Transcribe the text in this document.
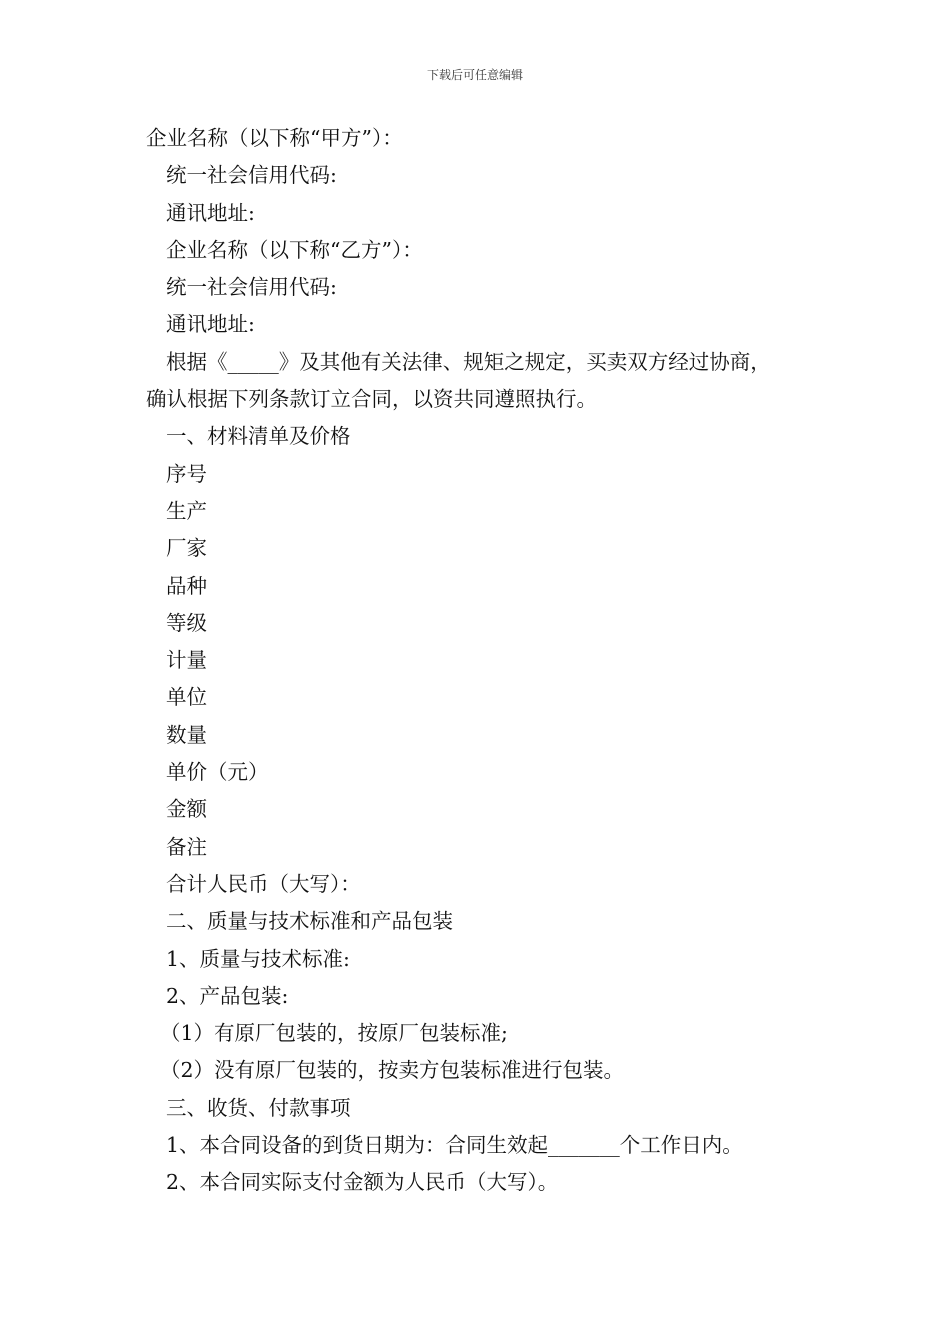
下载后可任意编辑
企业名称（以下称“甲方”）：
统一社会信用代码:
通讯地址:
企业名称（以下称“乙方”）：
统一社会信用代码:
通讯地址:
根据《_____》及其他有关法律、规矩之规定，买卖双方经过协商，
确认根据下列条款订立合同，以资共同遵照执行。
一、材料清单及价格
序号
生产
厂家
品种
等级
计量
单位
数量
单价（元）
金额
备注
合计人民币（大写）：
二、质量与技术标准和产品包装
1、质量与技术标准:
2、产品包装:
（1）有原厂包装的，按原厂包装标准;
（2）没有原厂包装的，按卖方包装标准进行包装。
三、收货、付款事项
1、本合同设备的到货日期为：合同生效起_______个工作日内。
2、本合同实际支付金额为人民币（大写）。
